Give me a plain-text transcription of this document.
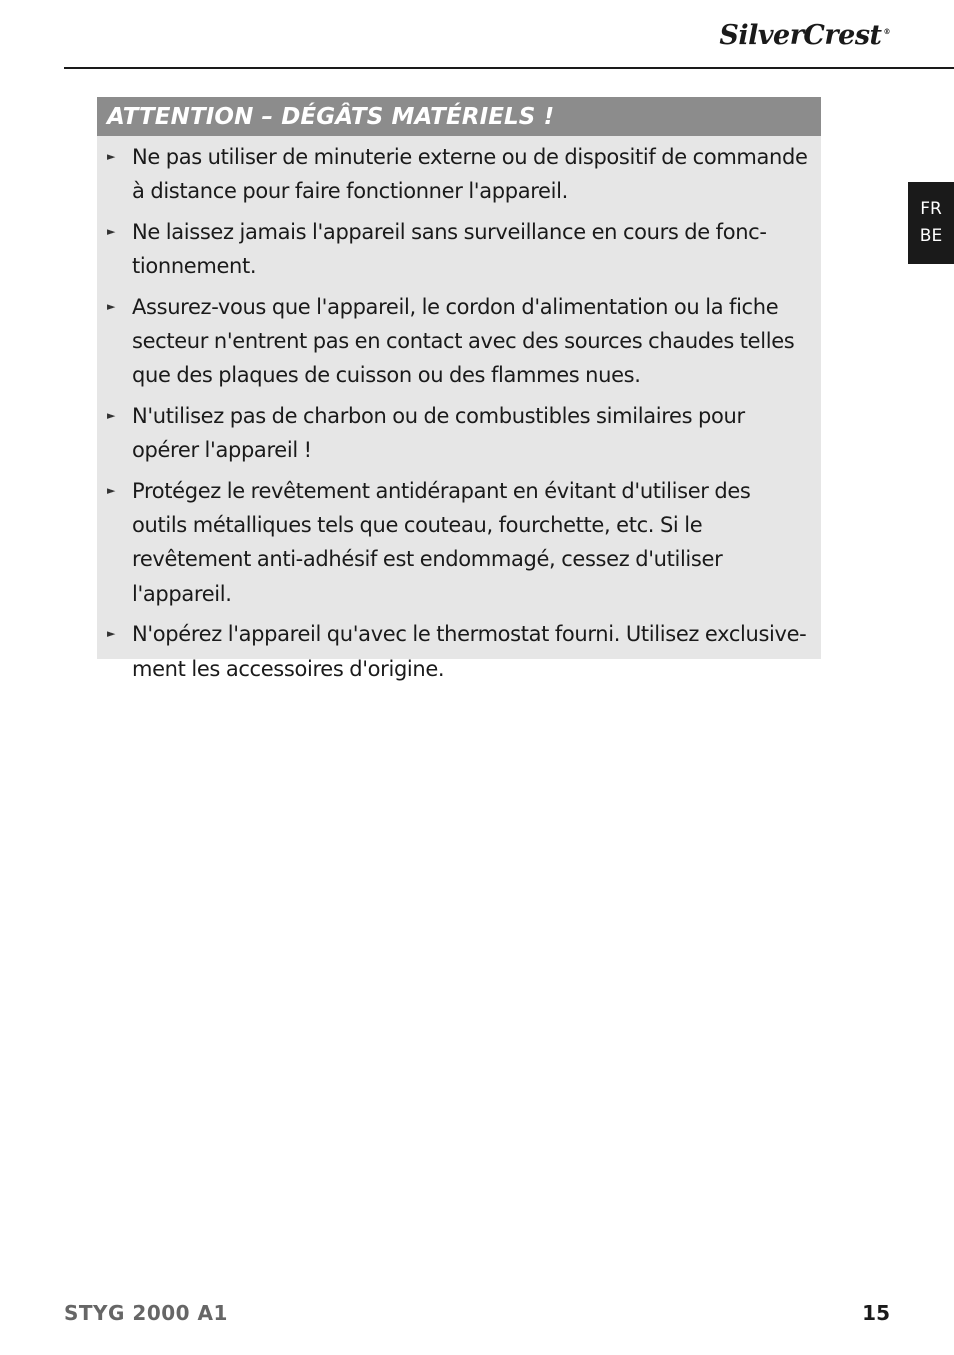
SilverCrest ®
FR
BE
ATTENTION – DÉGÂTS MATÉRIELS !
► Ne pas utiliser de minuterie externe ou de dispositif de commande à distance pour faire fonctionner l'appareil.
► Ne laissez jamais l'appareil sans surveillance en cours de fonc-tionnement.
► Assurez-vous que l'appareil, le cordon d'alimentation ou la fiche secteur n'entrent pas en contact avec des sources chaudes telles que des plaques de cuisson ou des flammes nues.
► N'utilisez pas de charbon ou de combustibles similaires pour opérer l'appareil !
► Protégez le revêtement antidérapant en évitant d'utiliser des outils métalliques tels que couteau, fourchette, etc. Si le revêtement anti-adhésif est endommagé, cessez d'utiliser l'appareil.
► N'opérez l'appareil qu'avec le thermostat fourni. Utilisez exclusive-ment les accessoires d'origine.
STYG 2000 A1	15
